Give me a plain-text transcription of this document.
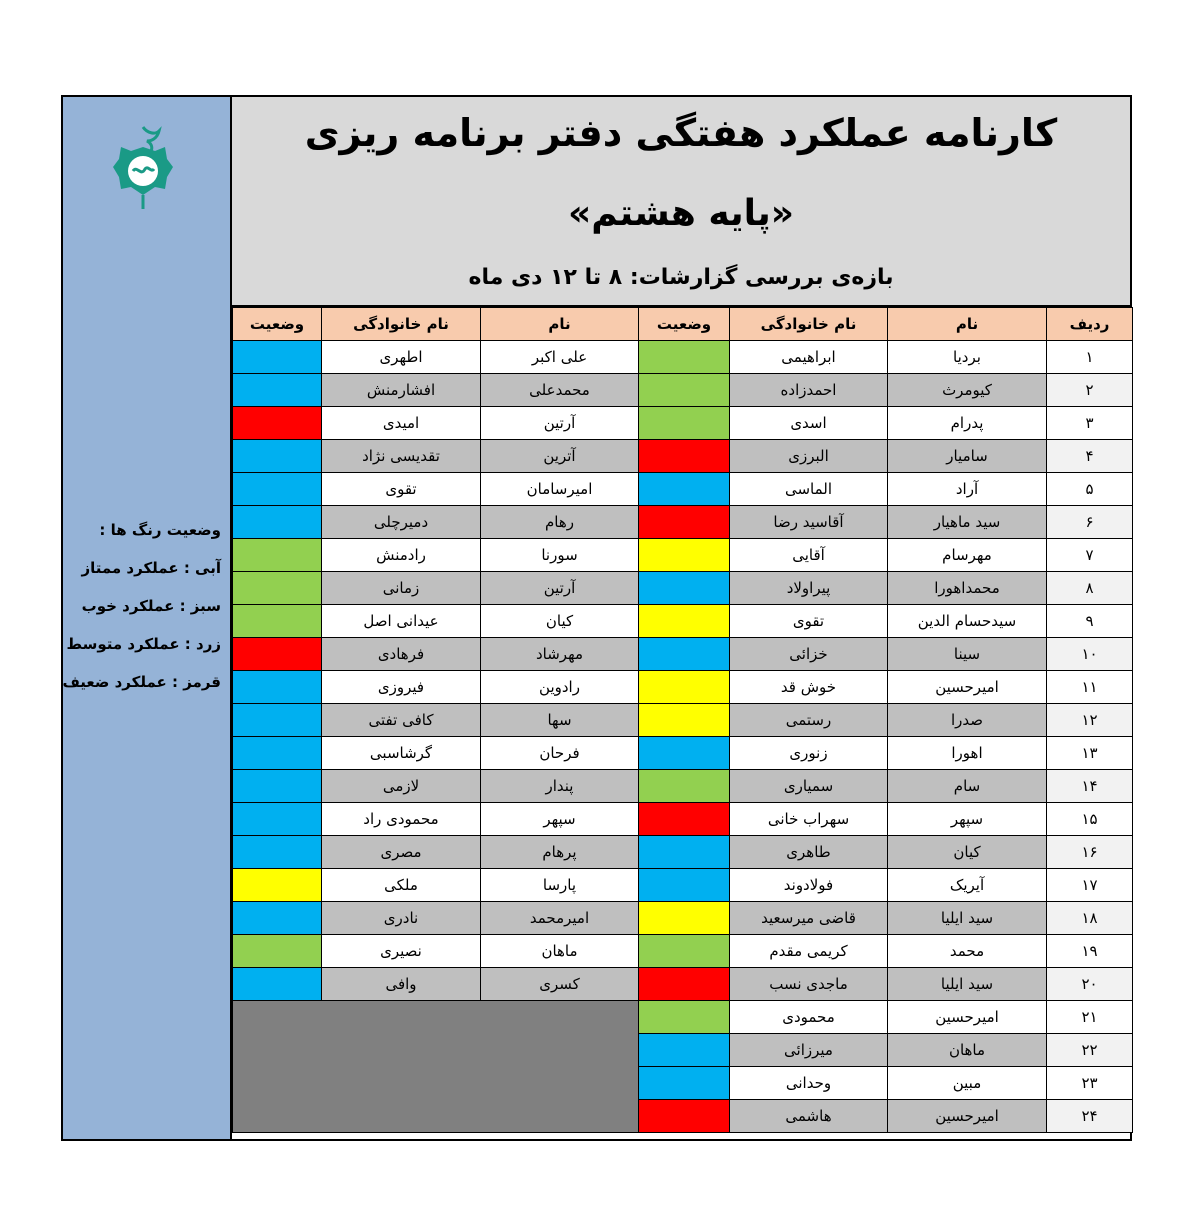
وضعیت رنگ ها :
آبی : عملکرد ممتاز
سبز : عملکرد خوب
زرد : عملکرد متوسط
قرمز : عملکرد ضعیف
کارنامه عملکرد هفتگی دفتر برنامه ریزی
«پایه هشتم»
بازه‌ی بررسی گزارشات: ۸ تا ۱۲ دی ماه
وضعیت	نام خانوادگی	نام	وضعیت	نام خانوادگی	نام	ردیف
	اطهری	علی اکبر		ابراهیمی	بردیا	۱
	افشارمنش	محمدعلی		احمدزاده	کیومرث	۲
	امیدی	آرتین		اسدی	پدرام	۳
	تقدیسی نژاد	آترین		البرزی	سامیار	۴
	تقوی	امیرسامان		الماسی	آراد	۵
	دمیرچلی	رهام		آقاسید رضا	سید ماهیار	۶
	رادمنش	سورنا		آقایی	مهرسام	۷
	زمانی	آرتین		پیراولاد	محمداهورا	۸
	عیدانی اصل	کیان		تقوی	سیدحسام الدین	۹
	فرهادی	مهرشاد		خزائی	سینا	۱۰
	فیروزی	رادوین		خوش قد	امیرحسین	۱۱
	کافی تفتی	سها		رستمی	صدرا	۱۲
	گرشاسبی	فرحان		زنوری	اهورا	۱۳
	لازمی	پندار		سمیاری	سام	۱۴
	محمودی راد	سپهر		سهراب خانی	سپهر	۱۵
	مصری	پرهام		طاهری	کیان	۱۶
	ملکی	پارسا		فولادوند	آیریک	۱۷
	نادری	امیرمحمد		قاضی میرسعید	سید ایلیا	۱۸
	نصیری	ماهان		کریمی مقدم	محمد	۱۹
	وافی	کسری		ماجدی نسب	سید ایلیا	۲۰
				محمودی	امیرحسین	۲۱
				میرزائی	ماهان	۲۲
				وحدانی	مبین	۲۳
				هاشمی	امیرحسین	۲۴
